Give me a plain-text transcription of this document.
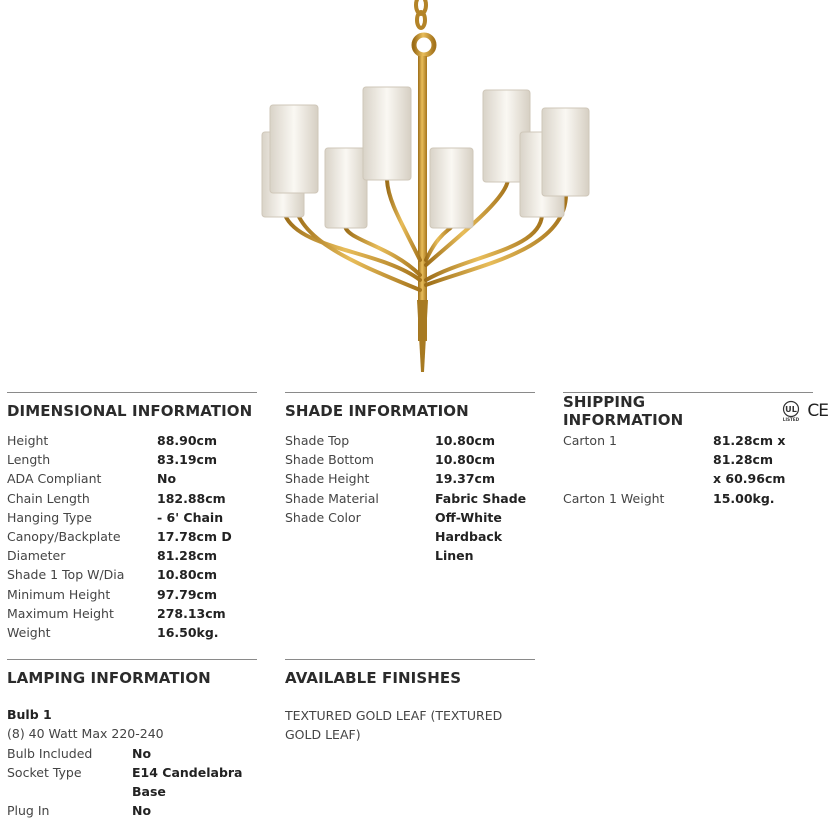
DIMENSIONAL INFORMATION
Height	88.90cm
Length	83.19cm
ADA Compliant	No
Chain Length	182.88cm
Hanging Type	- 6' Chain
Canopy/Backplate	17.78cm D
Diameter	81.28cm
Shade 1 Top W/Dia	10.80cm
Minimum Height	97.79cm
Maximum Height	278.13cm
Weight	16.50kg.
SHADE INFORMATION
Shade Top	10.80cm
Shade Bottom	10.80cm
Shade Height	19.37cm
Shade Material	Fabric Shade
Shade Color	Off-White
Hardback Linen
SHIPPING INFORMATION
UL
LISTED CE
Carton 1	81.28cm x 81.28cm
x 60.96cm
Carton 1 Weight	15.00kg.
LAMPING INFORMATION
Bulb 1
(8) 40 Watt Max 220-240
Bulb Included	No
Socket Type	E14 Candelabra Base
Plug In	No
AVAILABLE FINISHES
TEXTURED GOLD LEAF (TEXTURED GOLD LEAF)
